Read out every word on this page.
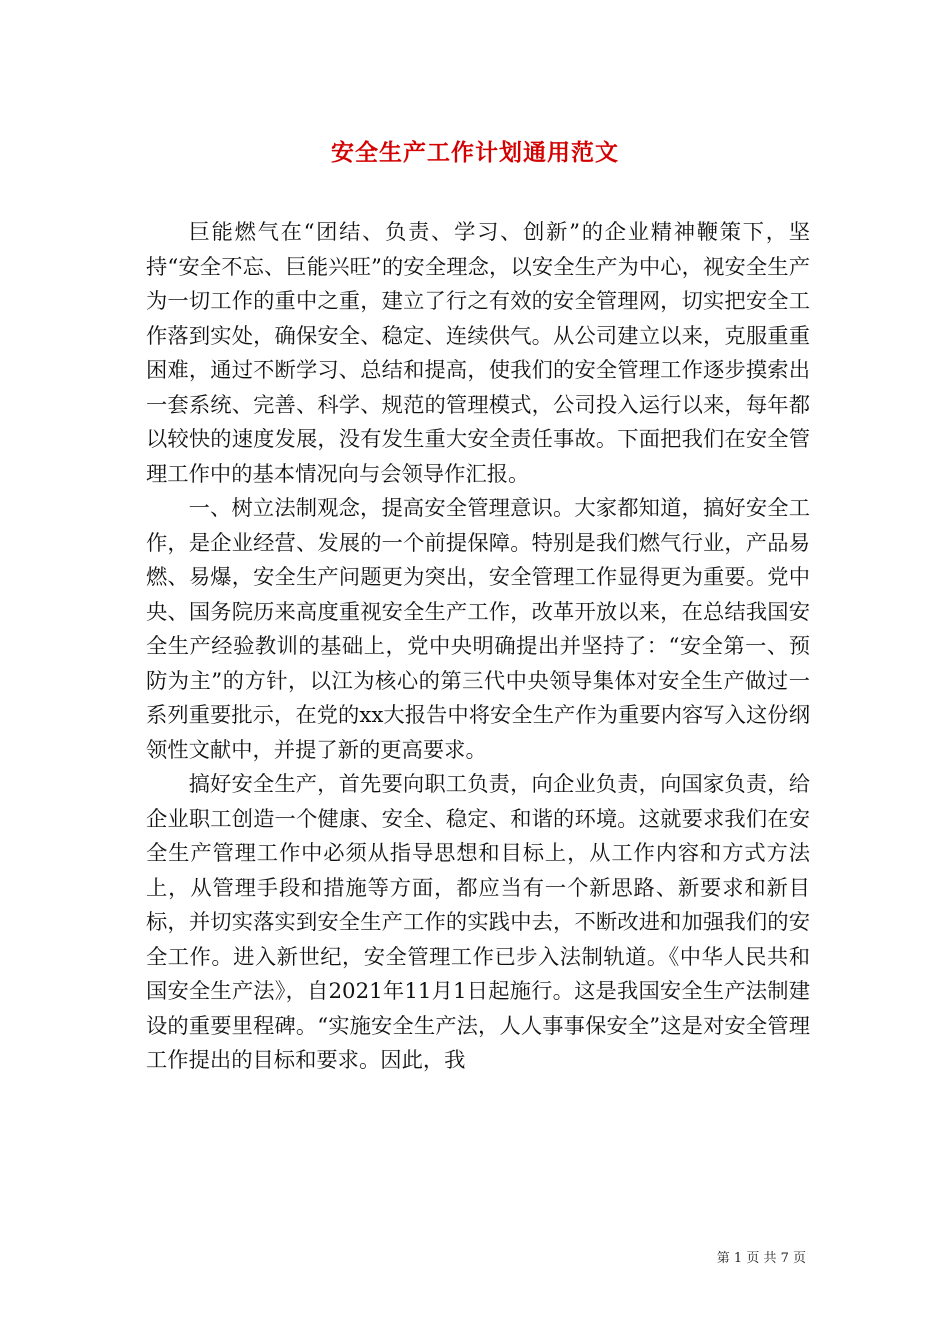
安全生产工作计划通用范文

巨能燃气在“团结、负责、学习、创新”的企业精神鞭策下，坚持“安全不忘、巨能兴旺”的安全理念，以安全生产为中心，视安全生产为一切工作的重中之重，建立了行之有效的安全管理网，切实把安全工作落到实处，确保安全、稳定、连续供气。从公司建立以来，克服重重困难，通过不断学习、总结和提高，使我们的安全管理工作逐步摸索出一套系统、完善、科学、规范的管理模式，公司投入运行以来，每年都以较快的速度发展，没有发生重大安全责任事故。下面把我们在安全管理工作中的基本情况向与会领导作汇报。

一、树立法制观念，提高安全管理意识。大家都知道，搞好安全工作，是企业经营、发展的一个前提保障。特别是我们燃气行业，产品易燃、易爆，安全生产问题更为突出，安全管理工作显得更为重要。党中央、国务院历来高度重视安全生产工作，改革开放以来，在总结我国安全生产经验教训的基础上，党中央明确提出并坚持了：“安全第一、预防为主”的方针，以江为核心的第三代中央领导集体对安全生产做过一系列重要批示，在党的xx大报告中将安全生产作为重要内容写入这份纲领性文献中，并提了新的更高要求。

搞好安全生产，首先要向职工负责，向企业负责，向国家负责，给企业职工创造一个健康、安全、稳定、和谐的环境。这就要求我们在安全生产管理工作中必须从指导思想和目标上，从工作内容和方式方法上，从管理手段和措施等方面，都应当有一个新思路、新要求和新目标，并切实落实到安全生产工作的实践中去，不断改进和加强我们的安全工作。进入新世纪，安全管理工作已步入法制轨道。《中华人民共和国安全生产法》，自2021年11月1日起施行。这是我国安全生产法制建设的重要里程碑。“实施安全生产法，人人事事保安全”这是对安全管理工作提出的目标和要求。因此，我

第 1 页 共 7 页
